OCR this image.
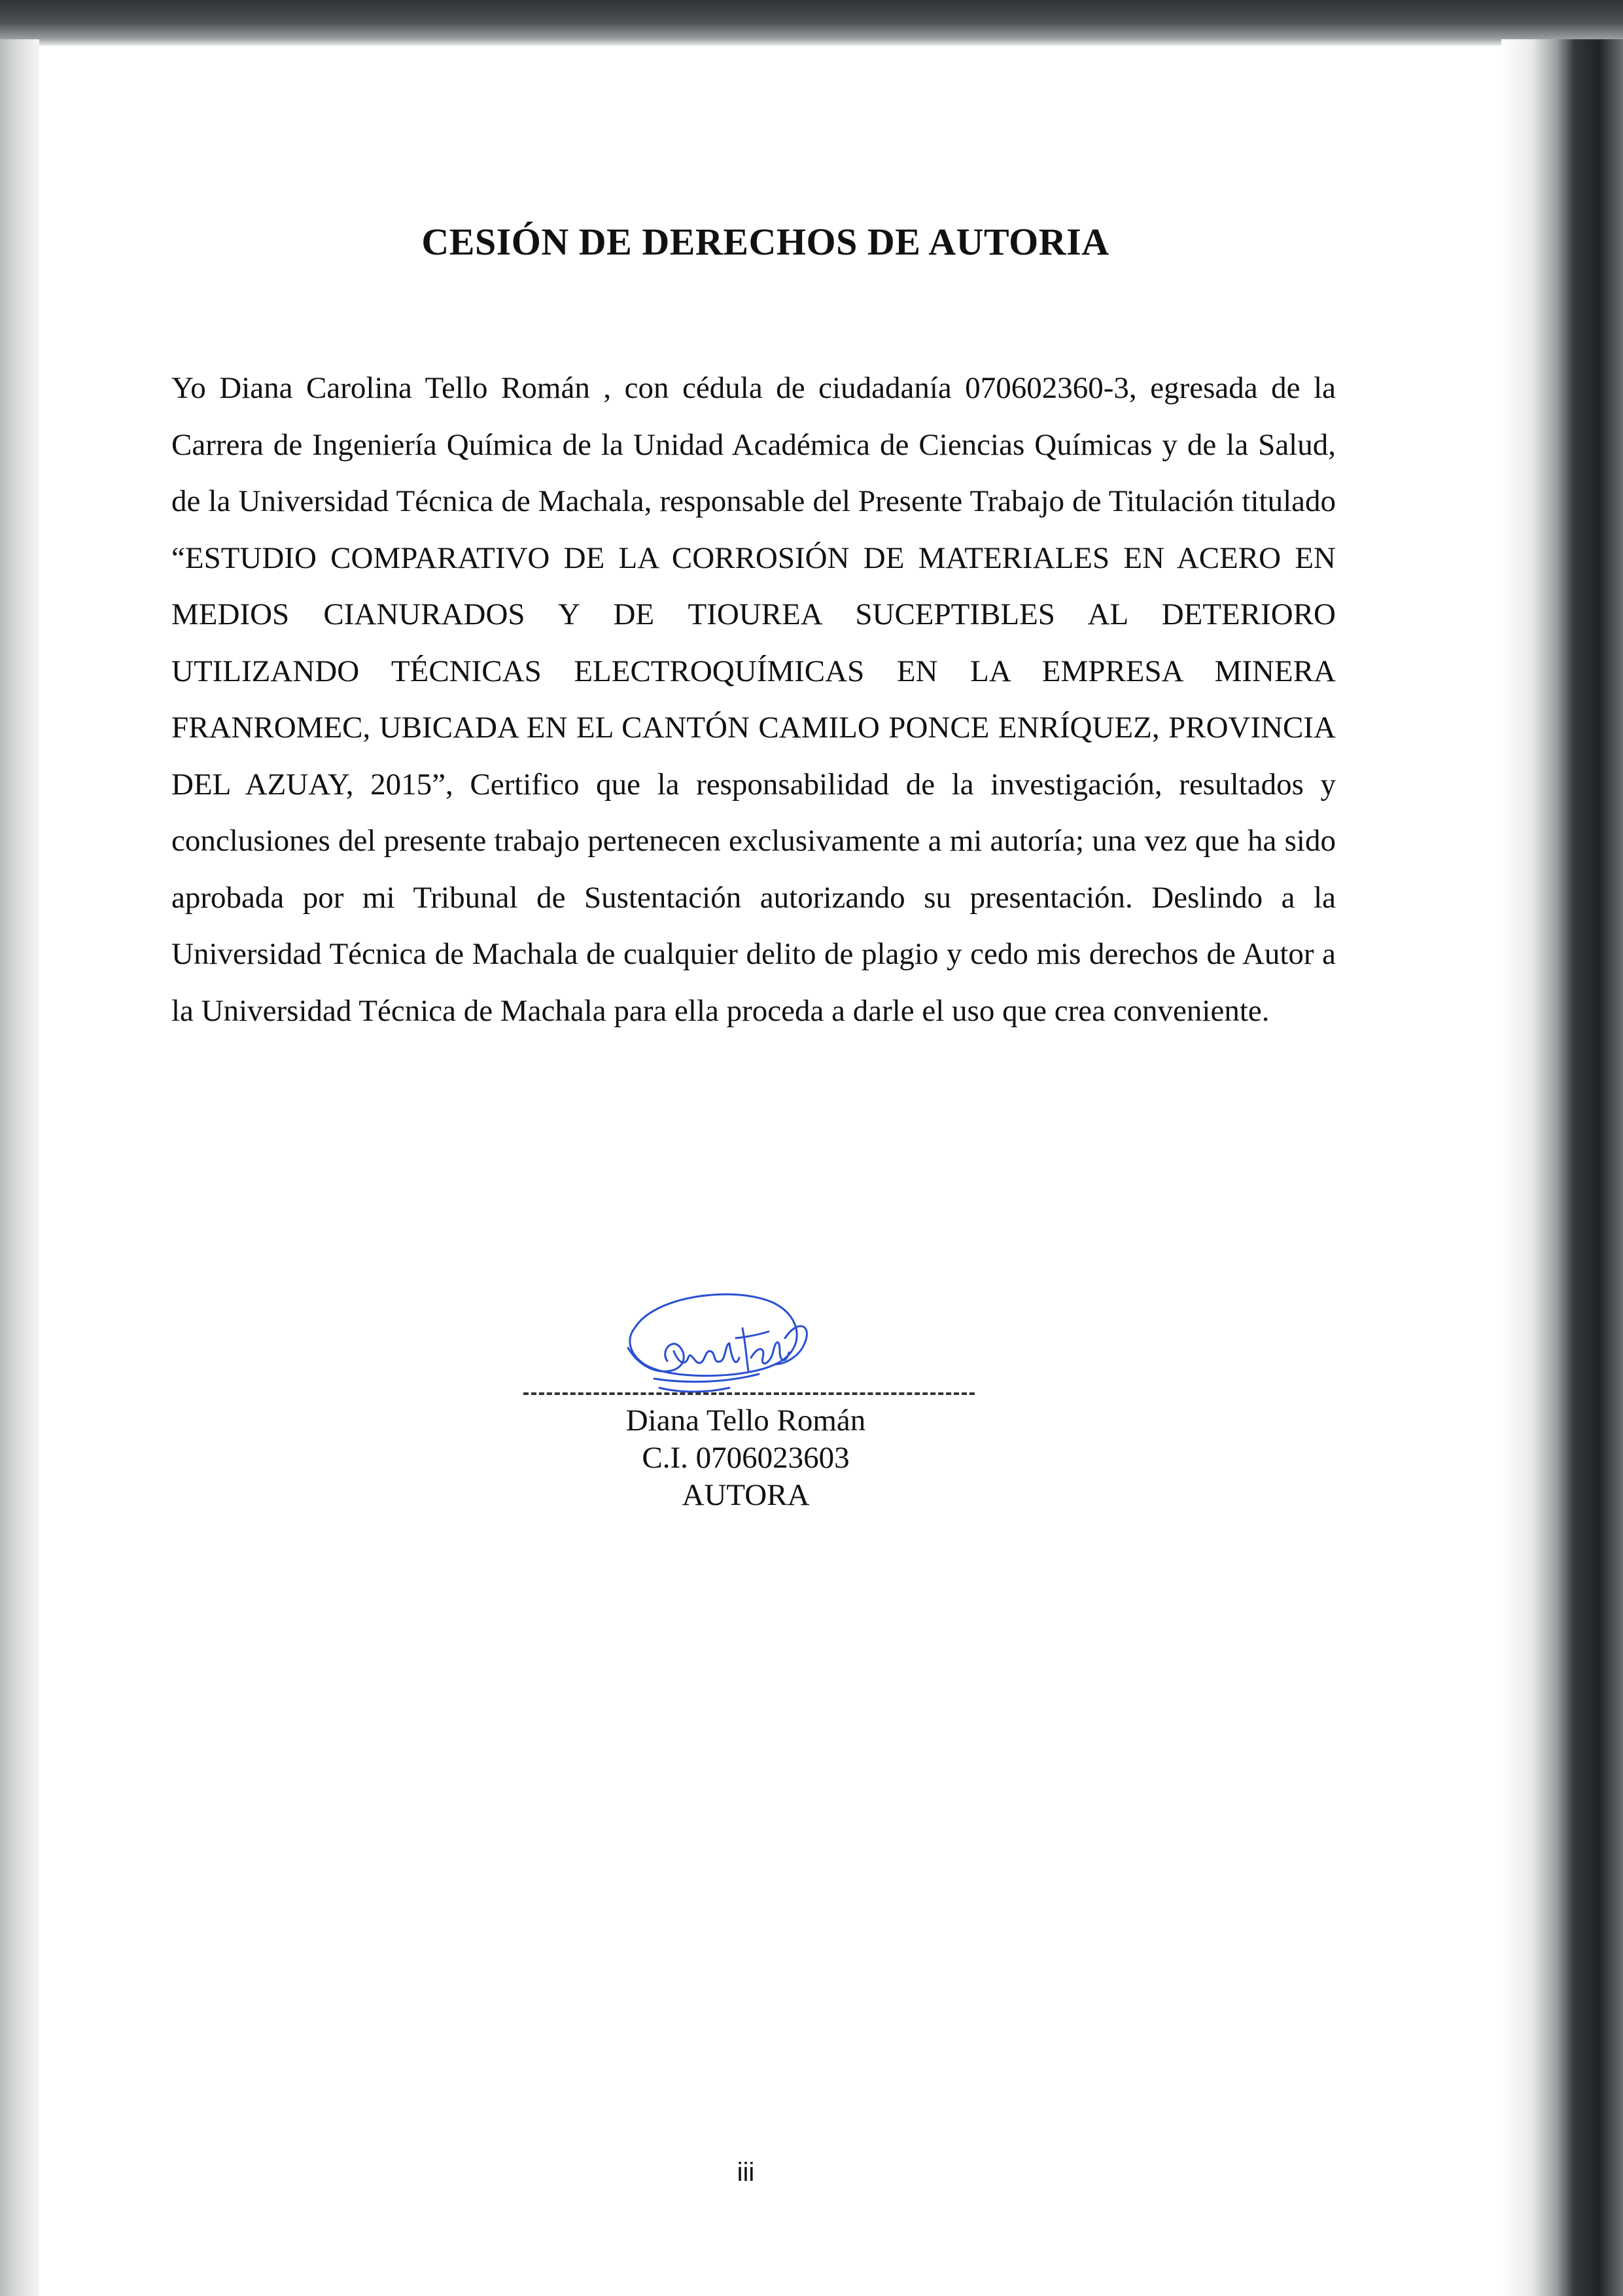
CESIÓN DE DERECHOS DE AUTORIA

Yo Diana Carolina Tello Román , con cédula de ciudadanía 070602360-3, egresada de la Carrera de Ingeniería Química de la Unidad Académica de Ciencias Químicas y de la Salud, de la Universidad Técnica de Machala, responsable del Presente Trabajo de Titulación titulado “ESTUDIO COMPARATIVO DE LA CORROSIÓN DE MATERIALES EN ACERO EN MEDIOS CIANURADOS Y DE TIOUREA SUCEPTIBLES AL DETERIORO UTILIZANDO TÉCNICAS ELECTROQUÍMICAS EN LA EMPRESA MINERA FRANROMEC, UBICADA EN EL CANTÓN CAMILO PONCE ENRÍQUEZ, PROVINCIA DEL AZUAY, 2015”, Certifico que la responsabilidad de la investigación, resultados y conclusiones del presente trabajo pertenecen exclusivamente a mi autoría; una vez que ha sido aprobada por mi Tribunal de Sustentación autorizando su presentación. Deslindo a la Universidad Técnica de Machala de cualquier delito de plagio y cedo mis derechos de Autor a la Universidad Técnica de Machala para ella proceda a darle el uso que crea conveniente.

Diana Tello Román

C.I. 0706023603

AUTORA

iii
